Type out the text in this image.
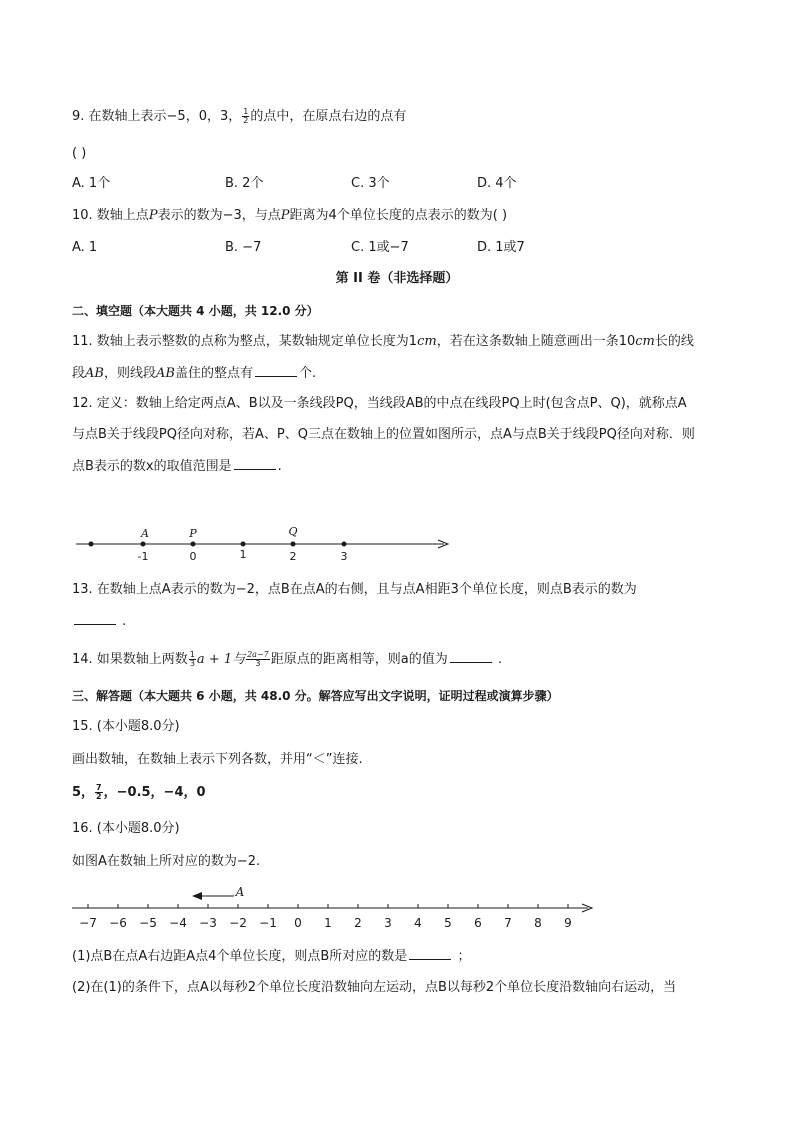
9. 在数轴上表示−5，0，3， $\frac{1}{2}$ 的点中，在原点右边的点有
( )
A. 1个	B. 2个	C. 3个	D. 4个
10. 数轴上点P表示的数为−3，与点P距离为4个单位长度的点表示的数为( )
A. 1	B. −7	C. 1或−7	D. 1或7
第 II 卷（非选择题）
二、填空题（本大题共 4 小题，共 12.0 分）
11. 数轴上表示整数的点称为整点，某数轴规定单位长度为1cm，若在这条数轴上随意画出一条10cm长的线
段AB，则线段AB盖住的整点有	个.
12. 定义：数轴上给定两点A、B以及一条线段PQ，当线段AB的中点在线段PQ上时(包含点P、Q)，就称点A
与点B关于线段PQ径向对称，若A、P、Q三点在数轴上的位置如图所示，点A与点B关于线段PQ径向对称．则
点B表示的数x的取值范围是	.
A	P	Q
-1	0	1	2	3
13. 在数轴上点A表示的数为−2，点B在点A的右侧，且与点A相距3个单位长度，则点B表示的数为
.
14. 如果数轴上两数 $\frac{1}{3}$ a + 1与 $\frac{2a-7}{3}$ 距原点的距离相等，则a的值为	.
三、解答题（本大题共 6 小题，共 48.0 分。解答应写出文字说明，证明过程或演算步骤）
15. (本小题8.0分)
画出数轴，在数轴上表示下列各数，并用“＜”连接.
5， $\frac{7}{2}$ ，−0.5，−4，0
16. (本小题8.0分)
如图A在数轴上所对应的数为−2.
−7 −6 −5 −4 −3 −2 −1 0 1 2 3 4 5 6 7 8 9
A
(1)点B在点A右边距A点4个单位长度，则点B所对应的数是	；
(2)在(1)的条件下，点A以每秒2个单位长度沿数轴向左运动，点B以每秒2个单位长度沿数轴向右运动，当
